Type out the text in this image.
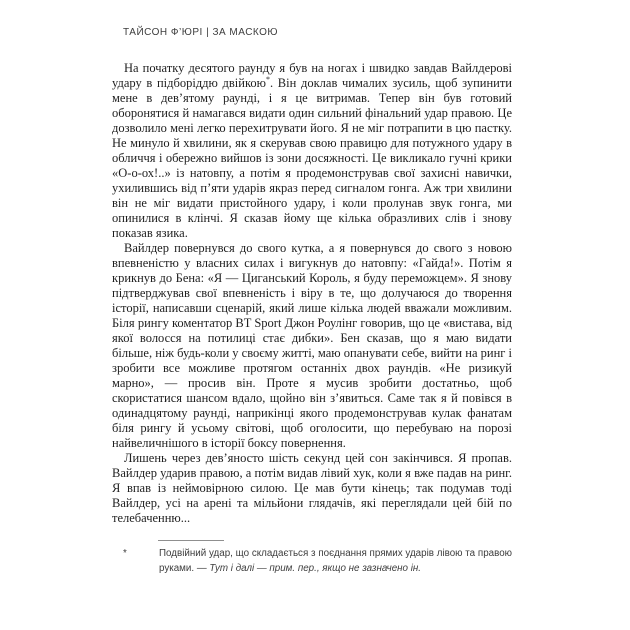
ТАЙСОН Ф’ЮРІ | ЗА МАСКОЮ

На початку десятого раунду я був на ногах і швидко завдав Вайлдерові удару в підборіддю двійкою*. Він доклав чималих зусиль, щоб зупинити мене в дев’ятому раунді, і я це витримав. Тепер він був готовий оборонятися й намагався видати один сильний фінальний удар правою. Це дозволило мені легко перехитрувати його. Я не міг потрапити в цю пастку. Не минуло й хвилини, як я скерував свою правицю для потужного удару в обличчя і обережно вийшов із зони досяжності. Це викликало гучні крики «О-о-ох!..» із натовпу, а потім я продемонстрував свої захисні навички, ухилившись від п’яти ударів якраз перед сигналом гонга. Аж три хвилини він не міг видати пристойного удару, і коли пролунав звук гонга, ми опинилися в клінчі. Я сказав йому ще кілька образливих слів і знову показав язика.

Вайлдер повернувся до свого кутка, а я повернувся до свого з новою впевненістю у власних силах і вигукнув до натовпу: «Гайда!». Потім я крикнув до Бена: «Я — Циганський Король, я буду переможцем». Я знову підтверджував свої впевненість і віру в те, що долучаюся до творення історії, написавши сценарій, який лише кілька людей вважали можливим. Біля рингу коментатор BT Sport Джон Роулінг говорив, що це «вистава, від якої волосся на потилиці стає дибки». Бен сказав, що я маю видати більше, ніж будь-коли у своєму житті, маю опанувати себе, вийти на ринг і зробити все можливе протягом останніх двох раундів. «Не ризикуй марно», — просив він. Проте я мусив зробити достатньо, щоб скористатися шансом вдало, щойно він з’явиться. Саме так я й повівся в одинадцятому раунді, наприкінці якого продемонстрував кулак фанатам біля рингу й усьому світові, щоб оголосити, що перебуваю на порозі найвеличнішого в історії боксу повернення.

Лишень через дев’яносто шість секунд цей сон закінчився. Я пропав. Вайлдер ударив правою, а потім видав лівий хук, коли я вже падав на ринг. Я впав із неймовірною силою. Це мав бути кінець; так подумав тоді Вайлдер, усі на арені та мільйони глядачів, які переглядали цей бій по телебаченню...

*	Подвійний удар, що складається з поєднання прямих ударів лівою та правою руками. — Тут і далі — прим. пер., якщо не зазначено ін.
